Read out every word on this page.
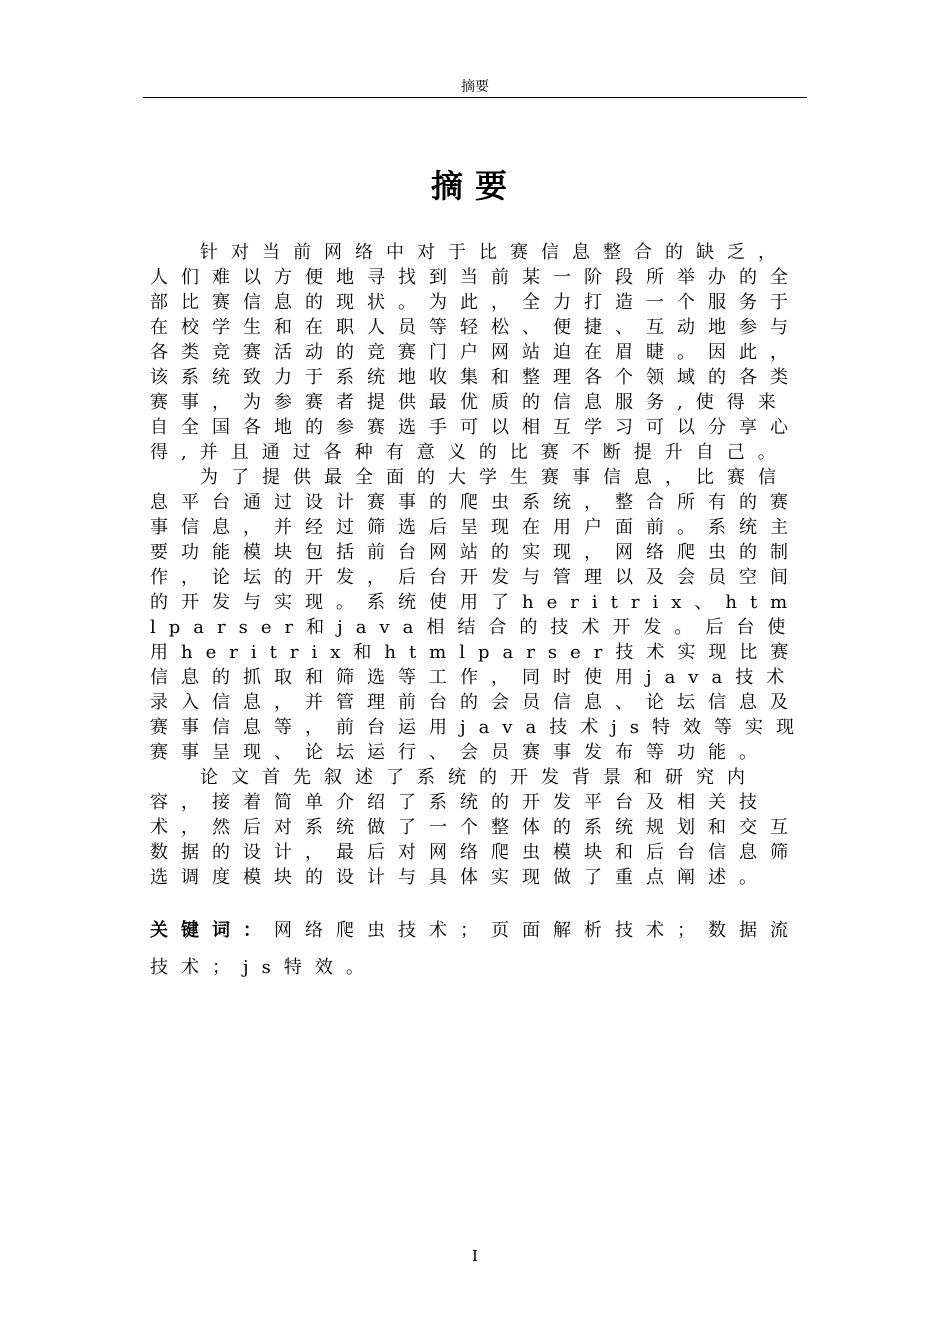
摘要
摘要

针对当前网络中对于比赛信息整合的缺乏，人们难以方便地寻找到当前某一阶段所举办的全部比赛信息的现状。为此，全力打造一个服务于在校学生和在职人员等轻松、便捷、互动地参与各类竞赛活动的竞赛门户网站迫在眉睫。因此，该系统致力于系统地收集和整理各个领域的各类赛事，为参赛者提供最优质的信息服务,使得来自全国各地的参赛选手可以相互学习可以分享心得,并且通过各种有意义的比赛不断提升自己。

为了提供最全面的大学生赛事信息，比赛信息平台通过设计赛事的爬虫系统，整合所有的赛事信息，并经过筛选后呈现在用户面前。系统主要功能模块包括前台网站的实现，网络爬虫的制作，论坛的开发，后台开发与管理以及会员空间的开发与实现。系统使用了heritrix、htmlparser和java相结合的技术开发。后台使用heritrix和htmlparser技术实现比赛信息的抓取和筛选等工作，同时使用java技术录入信息，并管理前台的会员信息、论坛信息及赛事信息等，前台运用java技术js特效等实现赛事呈现、论坛运行、会员赛事发布等功能。

论文首先叙述了系统的开发背景和研究内容，接着简单介绍了系统的开发平台及相关技术，然后对系统做了一个整体的系统规划和交互数据的设计，最后对网络爬虫模块和后台信息筛选调度模块的设计与具体实现做了重点阐述。

关键词：网络爬虫技术；页面解析技术；数据流技术；js特效。

I
